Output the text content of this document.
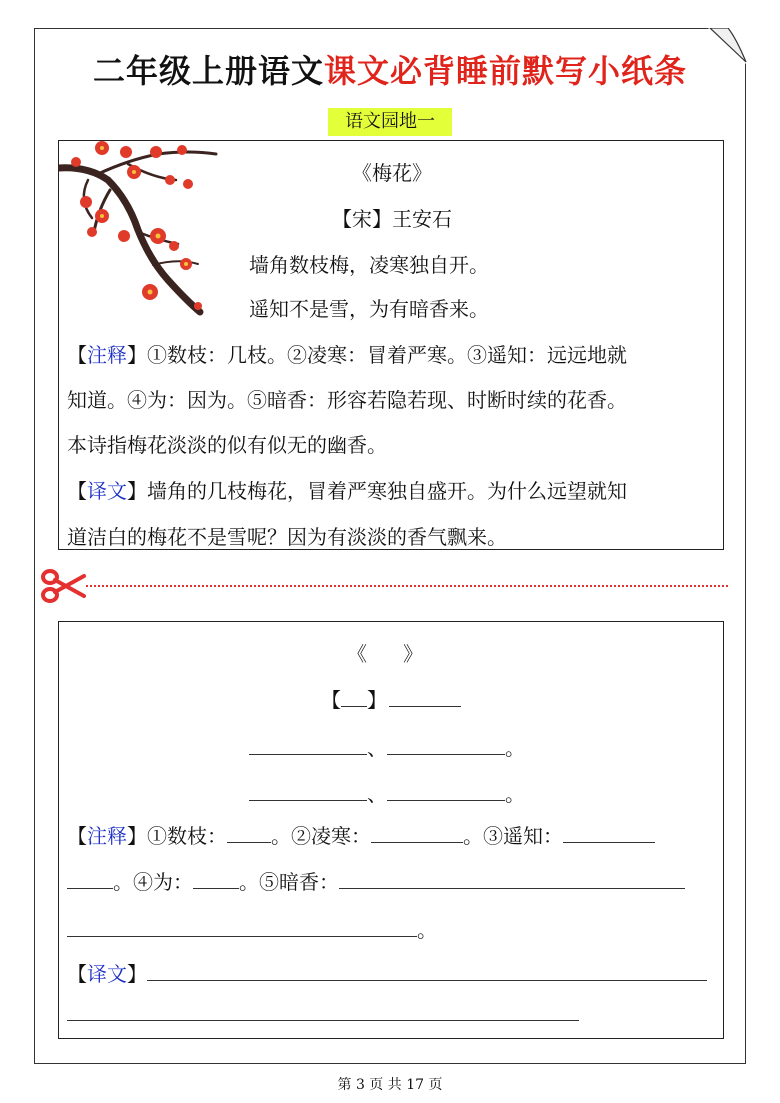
二年级上册语文课文必背睡前默写小纸条
语文园地一
《梅花》
【宋】王安石
墙角数枝梅，凌寒独自开。
遥知不是雪，为有暗香来。
【注释】①数枝：几枝。②凌寒：冒着严寒。③遥知：远远地就
知道。④为：因为。⑤暗香：形容若隐若现、时断时续的花香。
本诗指梅花淡淡的似有似无的幽香。
【译文】墙角的几枝梅花，冒着严寒独自盛开。为什么远望就知
道洁白的梅花不是雪呢？因为有淡淡的香气飘来。
《 》
【 】
、	。
、	。
【注释】①数枝： 。②凌寒：	。③遥知：
。④为： 。⑤暗香：
。
【译文】
第 3 页 共 17 页
